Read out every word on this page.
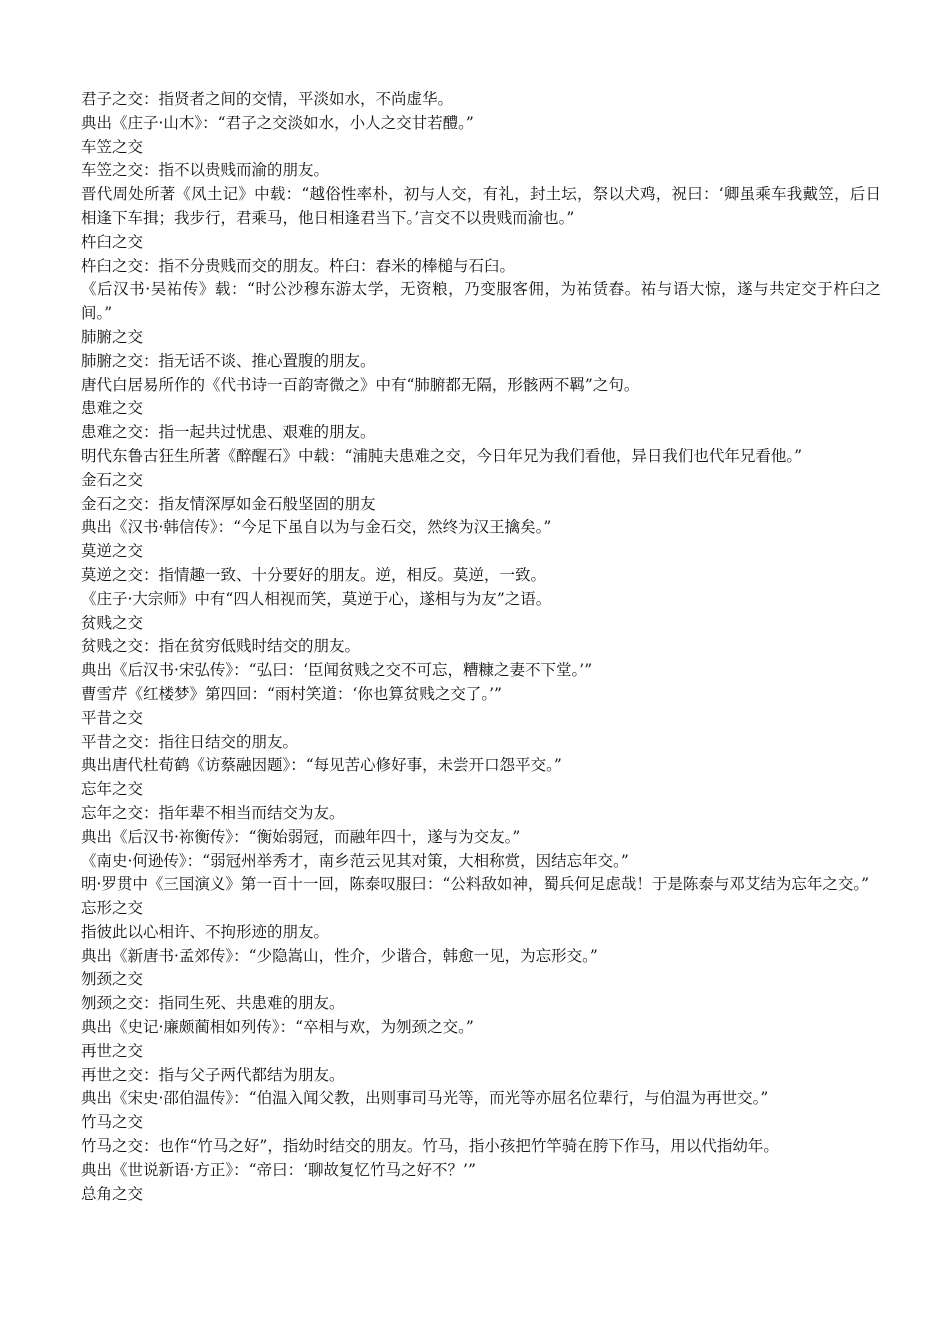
君子之交：指贤者之间的交情，平淡如水，不尚虚华。

典出《庄子·山木》：“君子之交淡如水，小人之交甘若醴。”

车笠之交

车笠之交：指不以贵贱而渝的朋友。

晋代周处所著《风土记》中载：“越俗性率朴，初与人交，有礼，封土坛，祭以犬鸡，祝曰：‘卿虽乘车我戴笠，后日相逢下车揖；我步行，君乘马，他日相逢君当下。’言交不以贵贱而渝也。”

杵臼之交

杵臼之交：指不分贵贱而交的朋友。杵臼：舂米的棒槌与石臼。

《后汉书·吴祐传》载：“时公沙穆东游太学，无资粮，乃变服客佣，为祐赁舂。祐与语大惊，遂与共定交于杵臼之间。”

肺腑之交

肺腑之交：指无话不谈、推心置腹的朋友。

唐代白居易所作的《代书诗一百韵寄微之》中有“肺腑都无隔，形骸两不羁”之句。

患难之交

患难之交：指一起共过忧患、艰难的朋友。

明代东鲁古狂生所著《醉醒石》中载：“浦肫夫患难之交，今日年兄为我们看他，异日我们也代年兄看他。”

金石之交

金石之交：指友情深厚如金石般坚固的朋友

典出《汉书·韩信传》：“今足下虽自以为与金石交，然终为汉王擒矣。”

莫逆之交

莫逆之交：指情趣一致、十分要好的朋友。逆，相反。莫逆，一致。

《庄子·大宗师》中有“四人相视而笑，莫逆于心，遂相与为友”之语。

贫贱之交

贫贱之交：指在贫穷低贱时结交的朋友。

典出《后汉书·宋弘传》：“弘曰：‘臣闻贫贱之交不可忘，糟糠之妻不下堂。’”

曹雪芹《红楼梦》第四回：“雨村笑道：‘你也算贫贱之交了。’”

平昔之交

平昔之交：指往日结交的朋友。

典出唐代杜荀鹤《访蔡融因题》：“每见苦心修好事，未尝开口怨平交。”

忘年之交

忘年之交：指年辈不相当而结交为友。

典出《后汉书·祢衡传》：“衡始弱冠，而融年四十，遂与为交友。”

《南史·何逊传》：“弱冠州举秀才，南乡范云见其对策，大相称赏，因结忘年交。”

明·罗贯中《三国演义》第一百十一回，陈泰叹服曰：“公料敌如神，蜀兵何足虑哉！于是陈泰与邓艾结为忘年之交。”

忘形之交

指彼此以心相许、不拘形迹的朋友。

典出《新唐书·孟郊传》：“少隐嵩山，性介，少谐合，韩愈一见，为忘形交。”

刎颈之交

刎颈之交：指同生死、共患难的朋友。

典出《史记·廉颇蔺相如列传》：“卒相与欢，为刎颈之交。”

再世之交

再世之交：指与父子两代都结为朋友。

典出《宋史·邵伯温传》：“伯温入闻父教，出则事司马光等，而光等亦屈名位辈行，与伯温为再世交。”

竹马之交

竹马之交：也作“竹马之好”，指幼时结交的朋友。竹马，指小孩把竹竿骑在胯下作马，用以代指幼年。

典出《世说新语·方正》：“帝曰：‘聊故复忆竹马之好不？’”

总角之交
